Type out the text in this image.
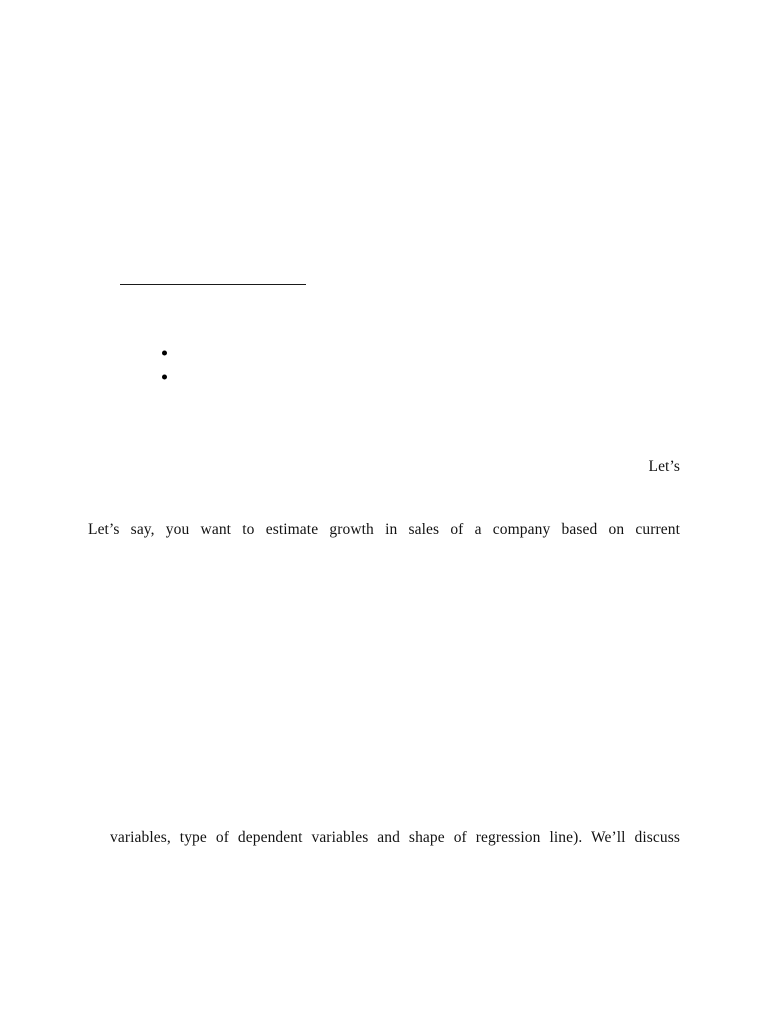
Let’s
Let’s say, you want to estimate growth in sales of a company based on current
variables, type of dependent variables and shape of regression line). We’ll discuss
